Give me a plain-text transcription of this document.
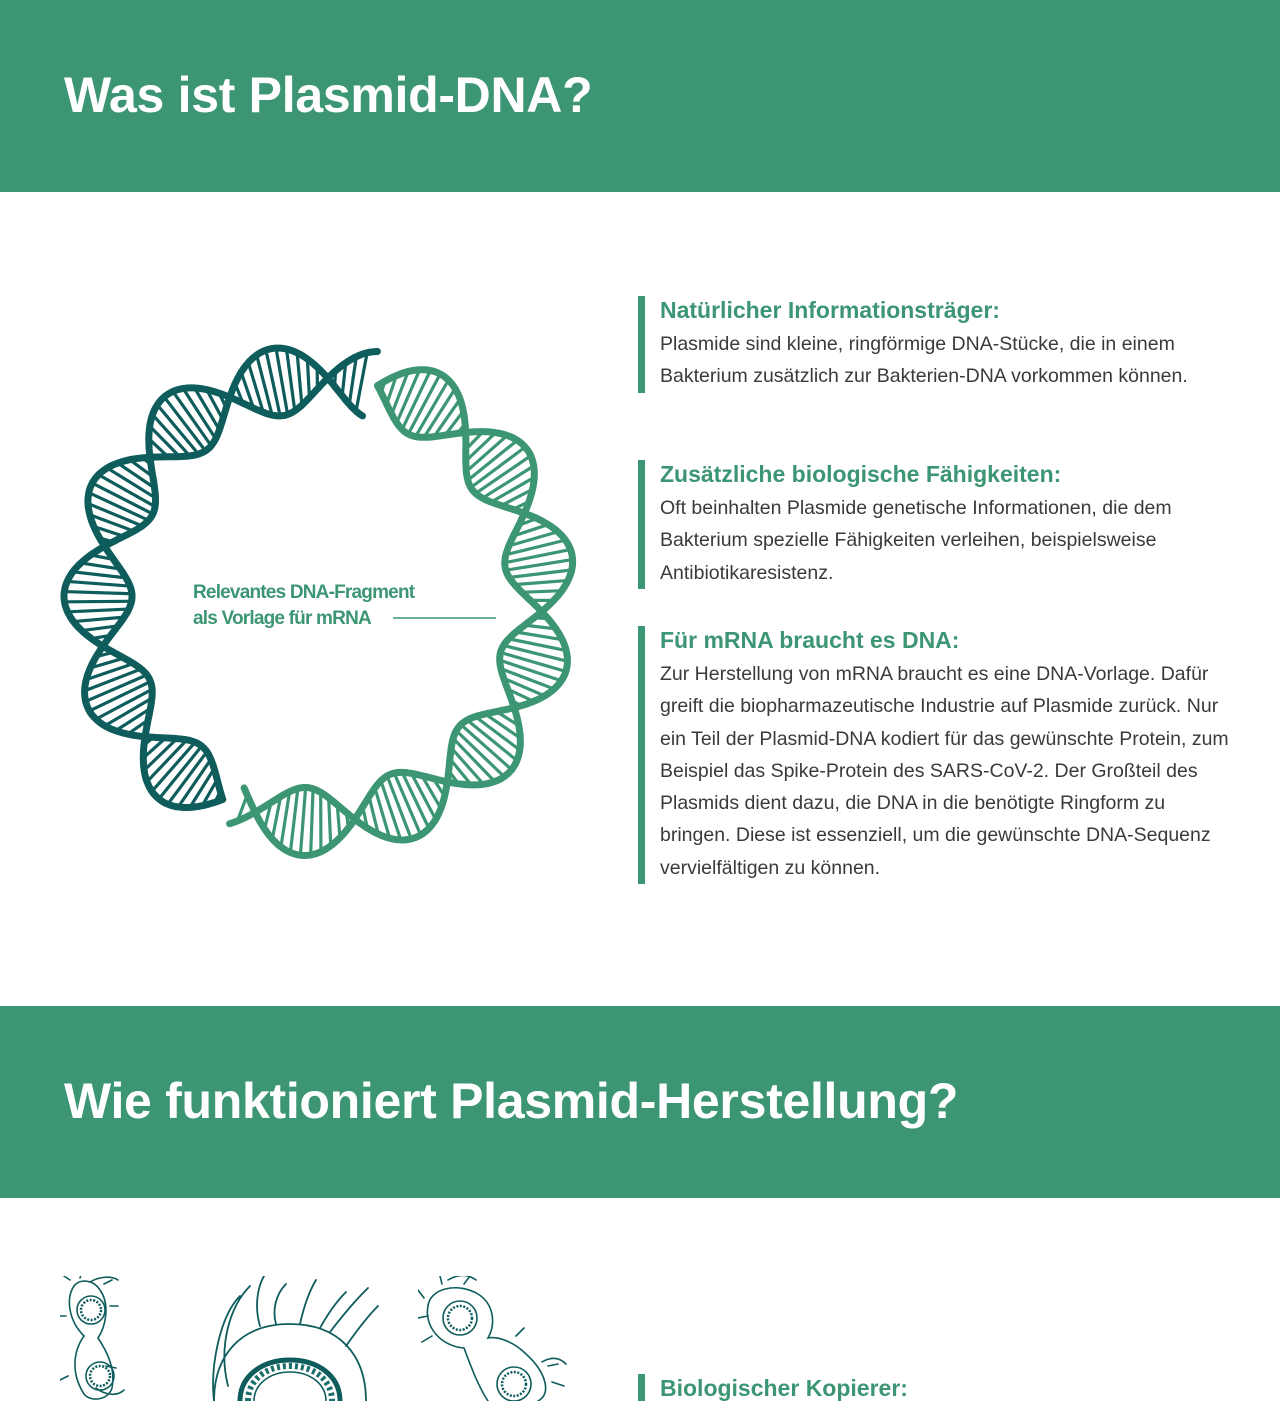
Was ist Plasmid-DNA?
Relevantes DNA-Fragment
als Vorlage für mRNA
Natürlicher Informationsträger:

Plasmide sind kleine, ringförmige DNA-Stücke, die in einem Bakterium zusätzlich zur Bakterien-DNA vorkommen können.

Zusätzliche biologische Fähigkeiten:

Oft beinhalten Plasmide genetische Informationen, die dem Bakterium spezielle Fähigkeiten verleihen, beispielsweise Antibiotikaresistenz.

Für mRNA braucht es DNA:

Zur Herstellung von mRNA braucht es eine DNA-Vorlage. Dafür greift die biopharmazeutische Industrie auf Plasmide zurück. Nur ein Teil der Plasmid-DNA kodiert für das gewünschte Protein, zum Beispiel das Spike-Protein des SARS-CoV-2. Der Großteil des Plasmids dient dazu, die DNA in die benötigte Ringform zu bringen. Diese ist essenziell, um die gewünschte DNA-Sequenz vervielfältigen zu können.

Wie funktioniert Plasmid-Herstellung?
Biologischer Kopierer:
